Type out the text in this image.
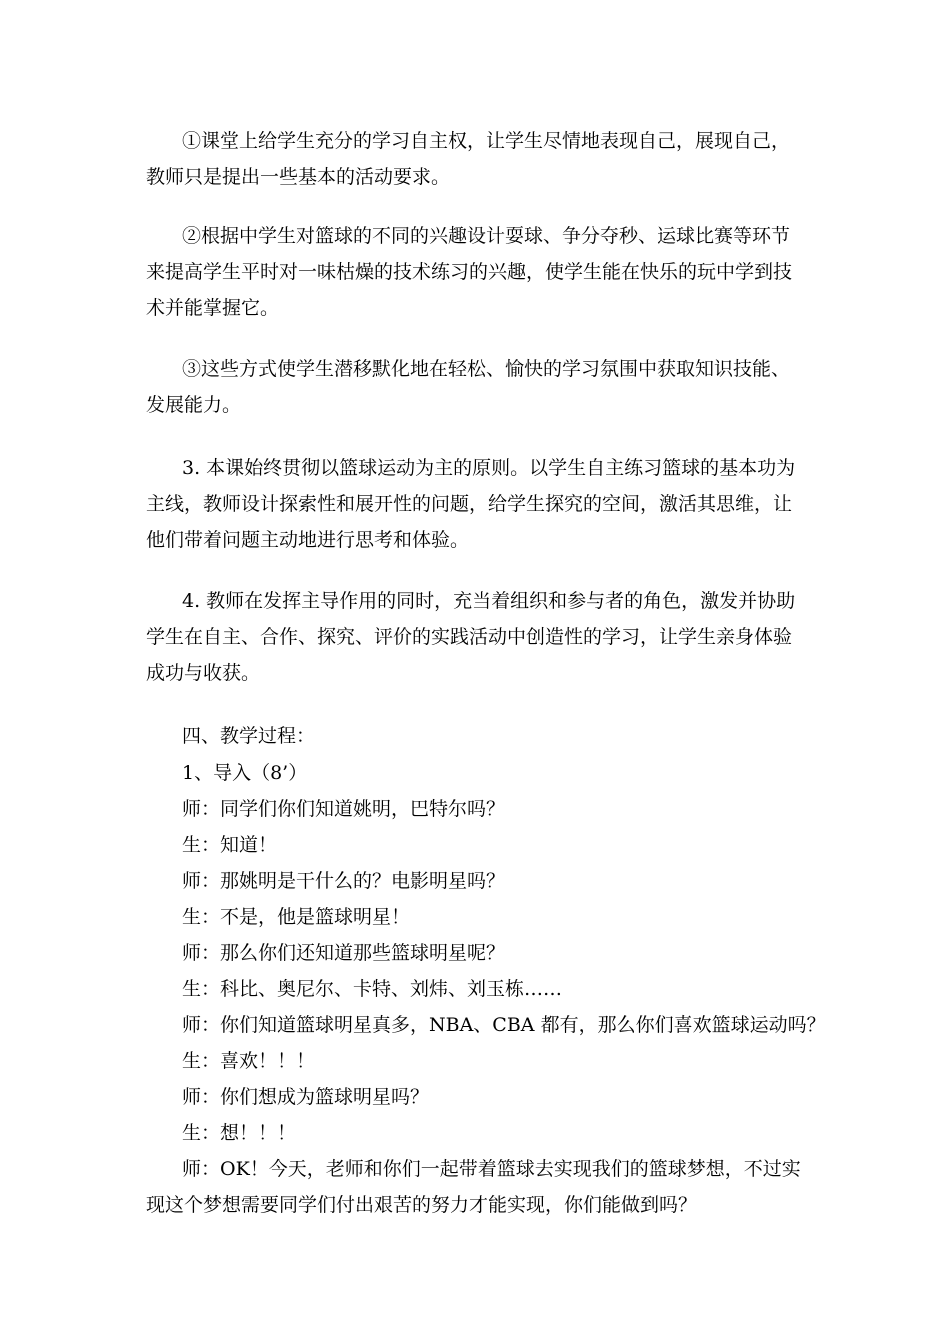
①课堂上给学生充分的学习自主权，让学生尽情地表现自己，展现自己，
教师只是提出一些基本的活动要求。
②根据中学生对篮球的不同的兴趣设计耍球、争分夺秒、运球比赛等环节
来提高学生平时对一味枯燥的技术练习的兴趣，使学生能在快乐的玩中学到技
术并能掌握它。
③这些方式使学生潜移默化地在轻松、愉快的学习氛围中获取知识技能、
发展能力。
3. 本课始终贯彻以篮球运动为主的原则。以学生自主练习篮球的基本功为
主线，教师设计探索性和展开性的问题，给学生探究的空间，激活其思维，让
他们带着问题主动地进行思考和体验。
4. 教师在发挥主导作用的同时，充当着组织和参与者的角色，激发并协助
学生在自主、合作、探究、评价的实践活动中创造性的学习，让学生亲身体验
成功与收获。
四、教学过程：
1、导入（8’）
师：同学们你们知道姚明，巴特尔吗？
生：知道！
师：那姚明是干什么的？电影明星吗？
生：不是，他是篮球明星！
师：那么你们还知道那些篮球明星呢？
生：科比、奥尼尔、卡特、刘炜、刘玉栋……
师：你们知道篮球明星真多，NBA、CBA 都有，那么你们喜欢篮球运动吗？
生：喜欢！！！
师：你们想成为篮球明星吗？
生：想！！！
师：OK！今天，老师和你们一起带着篮球去实现我们的篮球梦想，不过实
现这个梦想需要同学们付出艰苦的努力才能实现，你们能做到吗？
